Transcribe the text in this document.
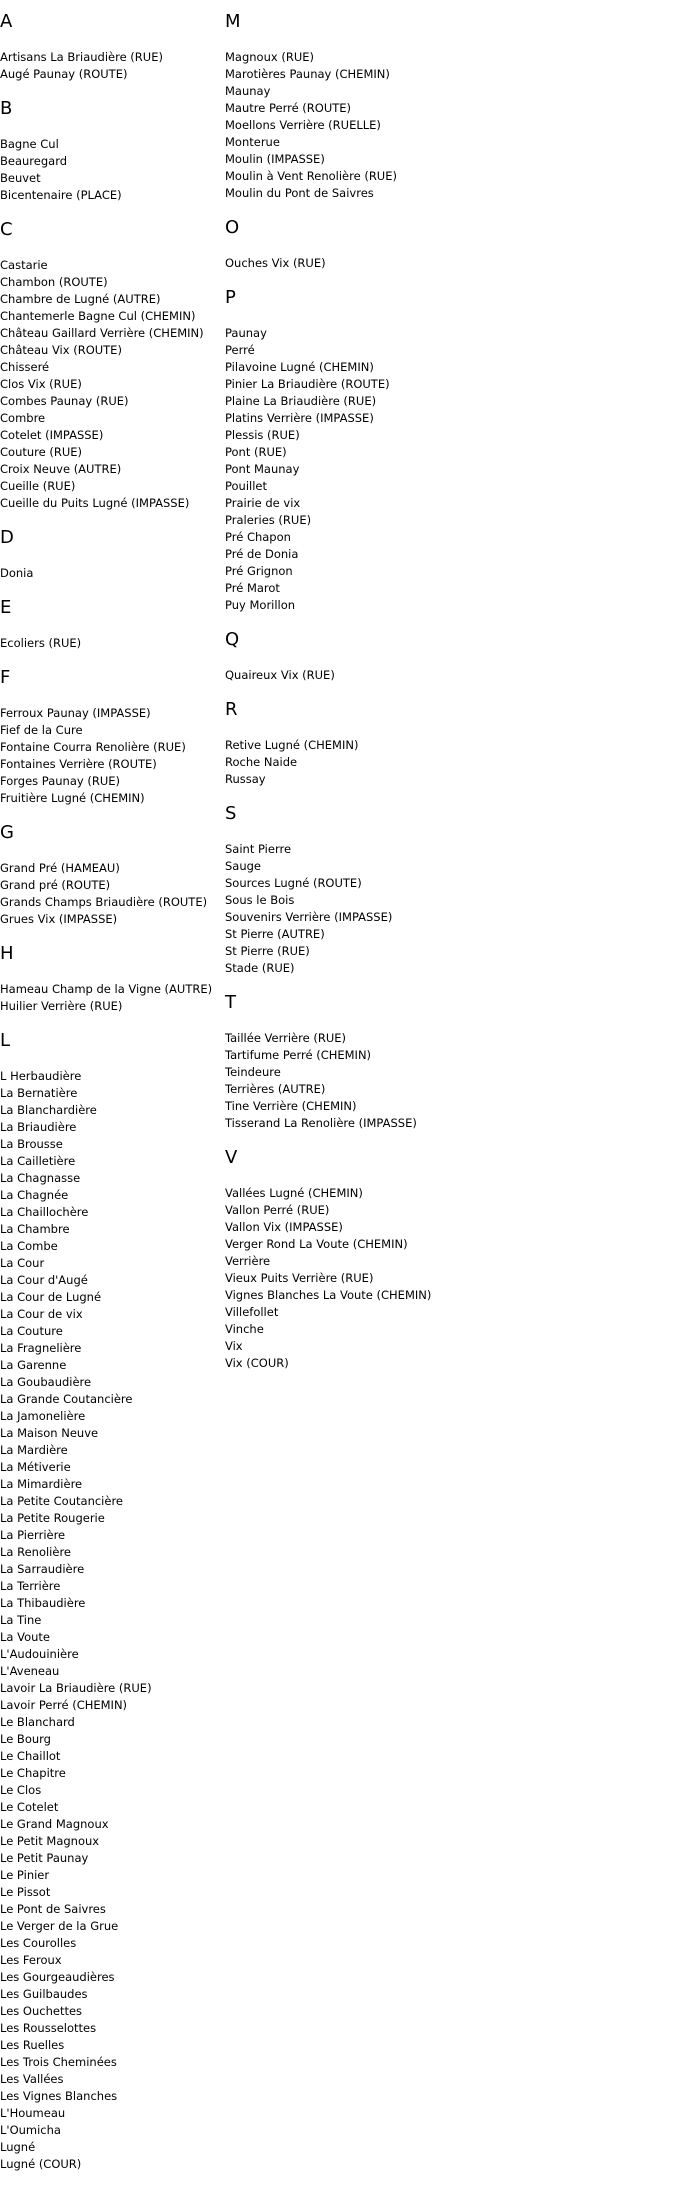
A
Artisans La Briaudière (RUE)
Augé Paunay (ROUTE)
B
Bagne Cul
Beauregard
Beuvet
Bicentenaire (PLACE)
C
Castarie
Chambon (ROUTE)
Chambre de Lugné (AUTRE)
Chantemerle Bagne Cul (CHEMIN)
Château Gaillard Verrière (CHEMIN)
Château Vix (ROUTE)
Chisseré
Clos Vix (RUE)
Combes Paunay (RUE)
Combre
Cotelet (IMPASSE)
Couture (RUE)
Croix Neuve (AUTRE)
Cueille (RUE)
Cueille du Puits Lugné (IMPASSE)
D
Donia
E
Ecoliers (RUE)
F
Ferroux Paunay (IMPASSE)
Fief de la Cure
Fontaine Courra Renolière (RUE)
Fontaines Verrière (ROUTE)
Forges Paunay (RUE)
Fruitière Lugné (CHEMIN)
G
Grand Pré (HAMEAU)
Grand pré (ROUTE)
Grands Champs Briaudière (ROUTE)
Grues Vix (IMPASSE)
H
Hameau Champ de la Vigne (AUTRE)
Huilier Verrière (RUE)
L
L Herbaudière
La Bernatière
La Blanchardière
La Briaudière
La Brousse
La Cailletière
La Chagnasse
La Chagnée
La Chaillochère
La Chambre
La Combe
La Cour
La Cour d'Augé
La Cour de Lugné
La Cour de vix
La Couture
La Fragnelière
La Garenne
La Goubaudière
La Grande Coutancière
La Jamonelière
La Maison Neuve
La Mardière
La Métiverie
La Mimardière
La Petite Coutancière
La Petite Rougerie
La Pierrière
La Renolière
La Sarraudière
La Terrière
La Thibaudière
La Tine
La Voute
L'Audouinière
L'Aveneau
Lavoir La Briaudière (RUE)
Lavoir Perré (CHEMIN)
Le Blanchard
Le Bourg
Le Chaillot
Le Chapitre
Le Clos
Le Cotelet
Le Grand Magnoux
Le Petit Magnoux
Le Petit Paunay
Le Pinier
Le Pissot
Le Pont de Saivres
Le Verger de la Grue
Les Courolles
Les Feroux
Les Gourgeaudières
Les Guilbaudes
Les Ouchettes
Les Rousselottes
Les Ruelles
Les Trois Cheminées
Les Vallées
Les Vignes Blanches
L'Houmeau
L'Oumicha
Lugné
Lugné (COUR)
M
Magnoux (RUE)
Marotières Paunay (CHEMIN)
Maunay
Mautre Perré (ROUTE)
Moellons Verrière (RUELLE)
Monterue
Moulin (IMPASSE)
Moulin à Vent Renolière (RUE)
Moulin du Pont de Saivres
O
Ouches Vix (RUE)
P
Paunay
Perré
Pilavoine Lugné (CHEMIN)
Pinier La Briaudière (ROUTE)
Plaine La Briaudière (RUE)
Platins Verrière (IMPASSE)
Plessis (RUE)
Pont (RUE)
Pont Maunay
Pouillet
Prairie de vix
Praleries (RUE)
Pré Chapon
Pré de Donia
Pré Grignon
Pré Marot
Puy Morillon
Q
Quaireux Vix (RUE)
R
Retive Lugné (CHEMIN)
Roche Naide
Russay
S
Saint Pierre
Sauge
Sources Lugné (ROUTE)
Sous le Bois
Souvenirs Verrière (IMPASSE)
St Pierre (AUTRE)
St Pierre (RUE)
Stade (RUE)
T
Taillée Verrière (RUE)
Tartifume Perré (CHEMIN)
Teindeure
Terrières (AUTRE)
Tine Verrière (CHEMIN)
Tisserand La Renolière (IMPASSE)
V
Vallées Lugné (CHEMIN)
Vallon Perré (RUE)
Vallon Vix (IMPASSE)
Verger Rond La Voute (CHEMIN)
Verrière
Vieux Puits Verrière (RUE)
Vignes Blanches La Voute (CHEMIN)
Villefollet
Vinche
Vix
Vix (COUR)
